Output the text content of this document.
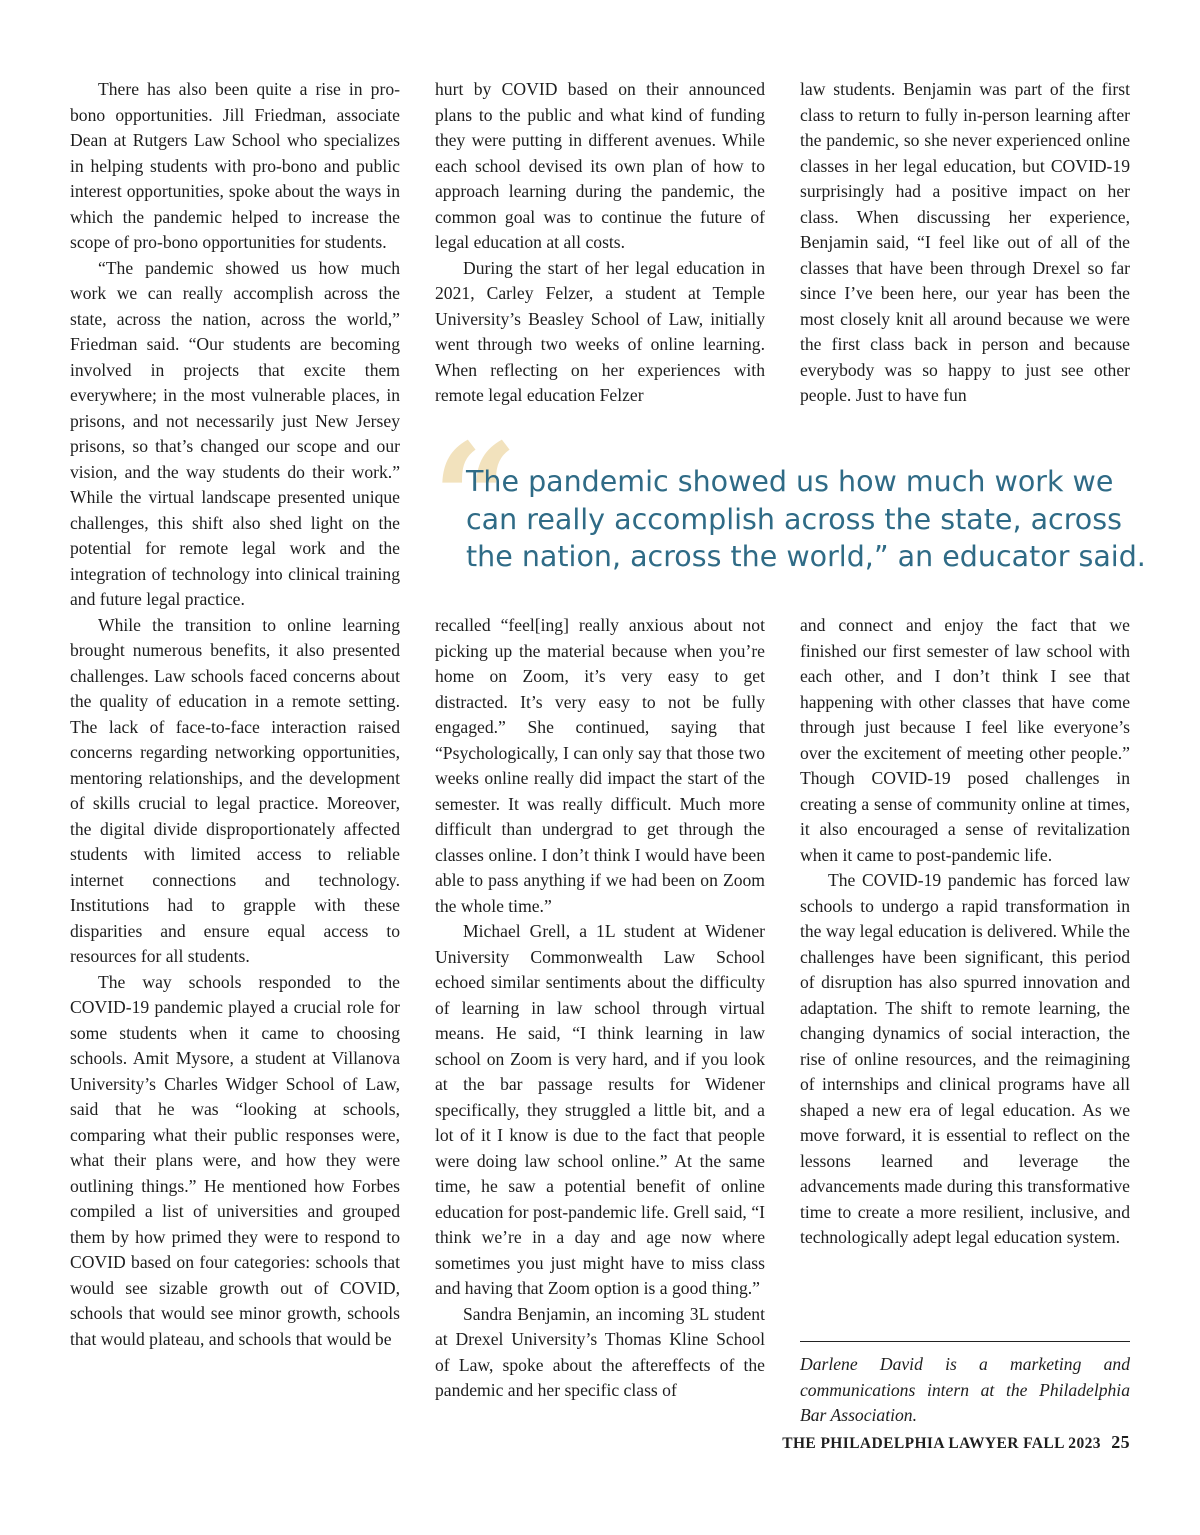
There has also been quite a rise in pro-bono opportunities. Jill Friedman, associate Dean at Rutgers Law School who specializes in helping students with pro-bono and public interest opportunities, spoke about the ways in which the pandemic helped to increase the scope of pro-bono opportunities for students.

“The pandemic showed us how much work we can really accomplish across the state, across the nation, across the world,” Friedman said. “Our students are becoming involved in projects that excite them everywhere; in the most vulnerable places, in prisons, and not necessarily just New Jersey prisons, so that’s changed our scope and our vision, and the way students do their work.” While the virtual landscape presented unique challenges, this shift also shed light on the potential for remote legal work and the integration of technology into clinical training and future legal practice.

While the transition to online learning brought numerous benefits, it also presented challenges. Law schools faced concerns about the quality of education in a remote setting. The lack of face-to-face interaction raised concerns regarding networking opportunities, mentoring relationships, and the development of skills crucial to legal practice. Moreover, the digital divide disproportionately affected students with limited access to reliable internet connections and technology. Institutions had to grapple with these disparities and ensure equal access to resources for all students.

The way schools responded to the COVID-19 pandemic played a crucial role for some students when it came to choosing schools. Amit Mysore, a student at Villanova University’s Charles Widger School of Law, said that he was “looking at schools, comparing what their public responses were, what their plans were, and how they were outlining things.” He mentioned how Forbes compiled a list of universities and grouped them by how primed they were to respond to COVID based on four categories: schools that would see sizable growth out of COVID, schools that would see minor growth, schools that would plateau, and schools that would be

hurt by COVID based on their announced plans to the public and what kind of funding they were putting in different avenues. While each school devised its own plan of how to approach learning during the pandemic, the common goal was to continue the future of legal education at all costs.

During the start of her legal education in 2021, Carley Felzer, a student at Temple University’s Beasley School of Law, initially went through two weeks of online learning. When reflecting on her experiences with remote legal education Felzer

law students. Benjamin was part of the first class to return to fully in-person learning after the pandemic, so she never experienced online classes in her legal education, but COVID-19 surprisingly had a positive impact on her class. When discussing her experience, Benjamin said, “I feel like out of all of the classes that have been through Drexel so far since I’ve been here, our year has been the most closely knit all around because we were the first class back in person and because everybody was so happy to just see other people. Just to have fun

“
The pandemic showed us how much work we can really accomplish across the state, across the nation, across the world,” an educator said.

recalled “feel[ing] really anxious about not picking up the material because when you’re home on Zoom, it’s very easy to get distracted. It’s very easy to not be fully engaged.” She continued, saying that “Psychologically, I can only say that those two weeks online really did impact the start of the semester. It was really difficult. Much more difficult than undergrad to get through the classes online. I don’t think I would have been able to pass anything if we had been on Zoom the whole time.”

Michael Grell, a 1L student at Widener University Commonwealth Law School echoed similar sentiments about the difficulty of learning in law school through virtual means. He said, “I think learning in law school on Zoom is very hard, and if you look at the bar passage results for Widener specifically, they struggled a little bit, and a lot of it I know is due to the fact that people were doing law school online.” At the same time, he saw a potential benefit of online education for post-pandemic life. Grell said, “I think we’re in a day and age now where sometimes you just might have to miss class and having that Zoom option is a good thing.”

Sandra Benjamin, an incoming 3L student at Drexel University’s Thomas Kline School of Law, spoke about the aftereffects of the pandemic and her specific class of

and connect and enjoy the fact that we finished our first semester of law school with each other, and I don’t think I see that happening with other classes that have come through just because I feel like everyone’s over the excitement of meeting other people.” Though COVID-19 posed challenges in creating a sense of community online at times, it also encouraged a sense of revitalization when it came to post-pandemic life.

The COVID-19 pandemic has forced law schools to undergo a rapid transformation in the way legal education is delivered. While the challenges have been significant, this period of disruption has also spurred innovation and adaptation. The shift to remote learning, the changing dynamics of social interaction, the rise of online resources, and the reimagining of internships and clinical programs have all shaped a new era of legal education. As we move forward, it is essential to reflect on the lessons learned and leverage the advancements made during this transformative time to create a more resilient, inclusive, and technologically adept legal education system.

Darlene David is a marketing and communications intern at the Philadelphia Bar Association.
THE PHILADELPHIA LAWYER FALL 2023 25
